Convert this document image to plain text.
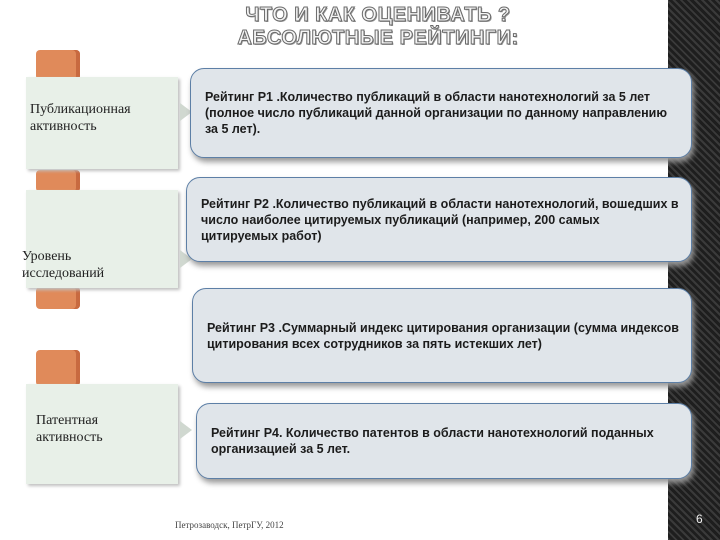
ЧТО И КАК ОЦЕНИВАТЬ ?
АБСОЛЮТНЫЕ РЕЙТИНГИ:
Публикационная активность
Уровень исследований
Патентная активность
Рейтинг Р1 .Количество публикаций в области нанотехнологий за 5 лет (полное число публикаций данной организации по данному направлению за 5 лет).
Рейтинг Р2 .Количество публикаций в области нанотехнологий, вошедших в число наиболее цитируемых публикаций (например, 200 самых цитируемых работ)
Рейтинг Р3 .Суммарный индекс цитирования организации (сумма индексов цитирования всех сотрудников за пять истекших лет)
Рейтинг Р4. Количество патентов в области нанотехнологий поданных организацией за 5 лет.
Петрозаводск, ПетрГУ, 2012	6
